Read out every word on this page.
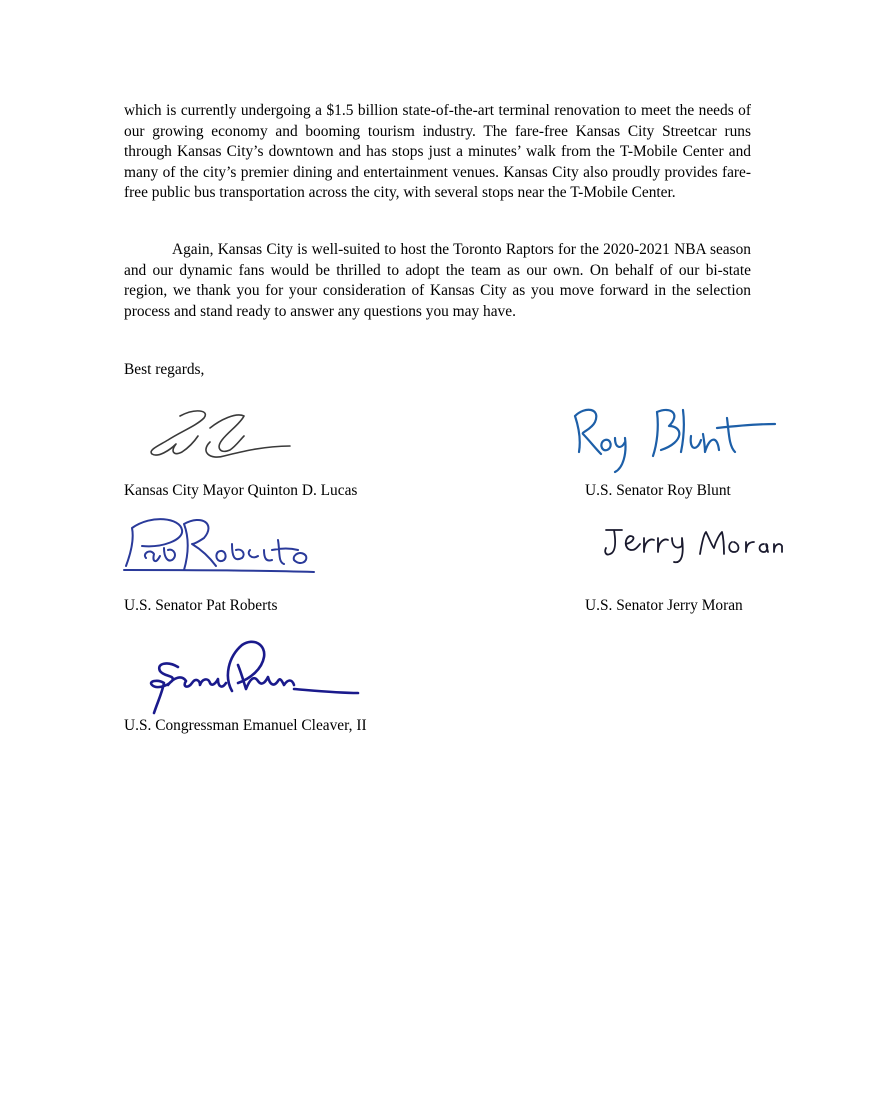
which is currently undergoing a $1.5 billion state-of-the-art terminal renovation to meet the needs of our growing economy and booming tourism industry. The fare-free Kansas City Streetcar runs through Kansas City’s downtown and has stops just a minutes’ walk from the T-Mobile Center and many of the city’s premier dining and entertainment venues. Kansas City also proudly provides fare-free public bus transportation across the city, with several stops near the T-Mobile Center.

Again, Kansas City is well-suited to host the Toronto Raptors for the 2020-2021 NBA season and our dynamic fans would be thrilled to adopt the team as our own. On behalf of our bi-state region, we thank you for your consideration of Kansas City as you move forward in the selection process and stand ready to answer any questions you may have.

Best regards,

Kansas City Mayor Quinton D. Lucas	U.S. Senator Roy Blunt

U.S. Senator Pat Roberts	U.S. Senator Jerry Moran

U.S. Congressman Emanuel Cleaver, II
